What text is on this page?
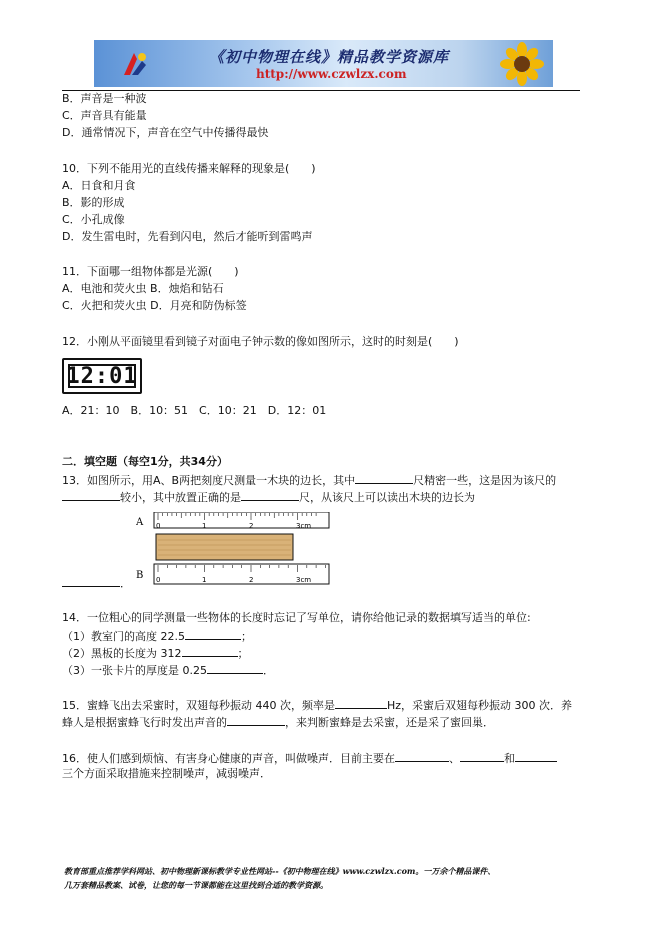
《初中物理在线》精品教学资源库
http://www.czwlzx.com
B．声音是一种波
C．声音具有能量
D．通常情况下，声音在空气中传播得最快
10．下列不能用光的直线传播来解释的现象是(　　)
A．日食和月食
B．影的形成
C．小孔成像
D．发生雷电时，先看到闪电，然后才能听到雷鸣声
11．下面哪一组物体都是光源(　　)
A．电池和荧火虫 B．烛焰和钻石
C．火把和荧火虫 D．月亮和防伪标签
12．小刚从平面镜里看到镜子对面电子钟示数的像如图所示，这时的时刻是(　　)
12:01
A．21：10　B．10：51　C．10：21　D．12：01
二．填空题（每空1分，共34分）
13．如图所示，用A、B两把刻度尺测量一木块的边长，其中	尺精密一些，这是因为该尺的
较小，其中放置正确的是	尺，从该尺上可以读出木块的边长为
A 0	1	2	3cm
B 0	1	2	3cm
．
14．一位粗心的同学测量一些物体的长度时忘记了写单位，请你给他记录的数据填写适当的单位:
（1）教室门的高度 22.5	；
（2）黑板的长度为 312	；
（3）一张卡片的厚度是 0.25	．
15．蜜蜂飞出去采蜜时，双翅每秒振动 440 次，频率是	Hz，采蜜后双翅每秒振动 300 次．养
蜂人是根据蜜蜂飞行时发出声音的	，来判断蜜蜂是去采蜜，还是采了蜜回巢．
16．使人们感到烦恼、有害身心健康的声音，叫做噪声．目前主要在	、	和
三个方面采取措施来控制噪声，减弱噪声．
教育部重点推荐学科网站、初中物理新课标教学专业性网站--《初中物理在线》www.czwlzx.com。一万余个精品课件、
几万套精品教案、试卷，让您的每一节课都能在这里找到合适的教学资源。
